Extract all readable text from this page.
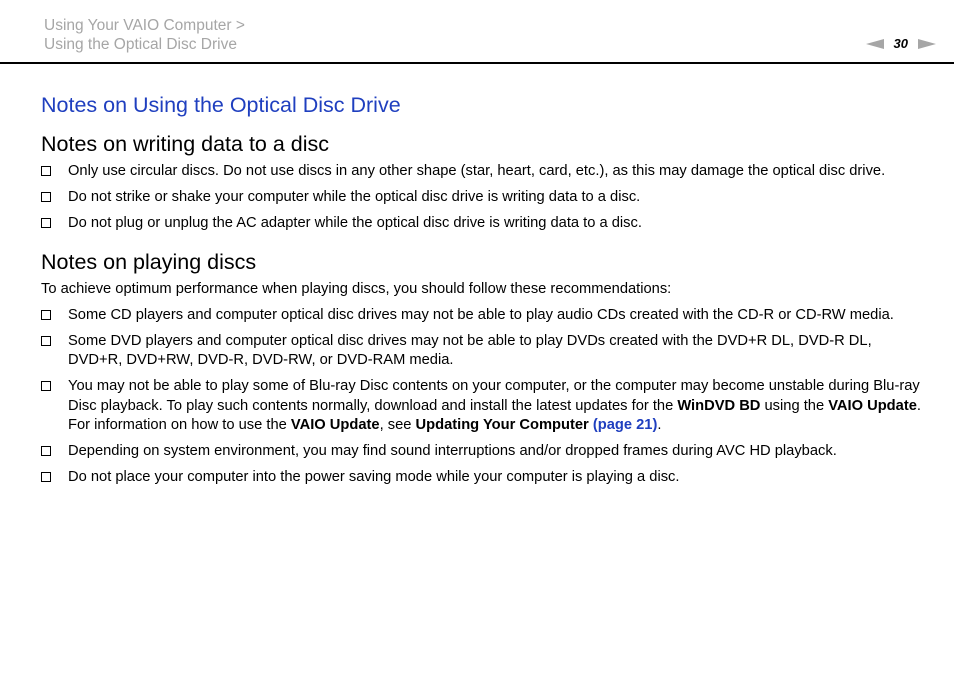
Using Your VAIO Computer >
Using the Optical Disc Drive	30
Notes on Using the Optical Disc Drive
Notes on writing data to a disc
Only use circular discs. Do not use discs in any other shape (star, heart, card, etc.), as this may damage the optical disc drive.
Do not strike or shake your computer while the optical disc drive is writing data to a disc.
Do not plug or unplug the AC adapter while the optical disc drive is writing data to a disc.
Notes on playing discs

To achieve optimum performance when playing discs, you should follow these recommendations:

Some CD players and computer optical disc drives may not be able to play audio CDs created with the CD-R or CD-RW media.
Some DVD players and computer optical disc drives may not be able to play DVDs created with the DVD+R DL, DVD-R DL, DVD+R, DVD+RW, DVD-R, DVD-RW, or DVD-RAM media.
You may not be able to play some of Blu-ray Disc contents on your computer, or the computer may become unstable during Blu-ray Disc playback. To play such contents normally, download and install the latest updates for the WinDVD BD using the VAIO Update.
For information on how to use the VAIO Update, see Updating Your Computer (page 21).
Depending on system environment, you may find sound interruptions and/or dropped frames during AVC HD playback.
Do not place your computer into the power saving mode while your computer is playing a disc.
